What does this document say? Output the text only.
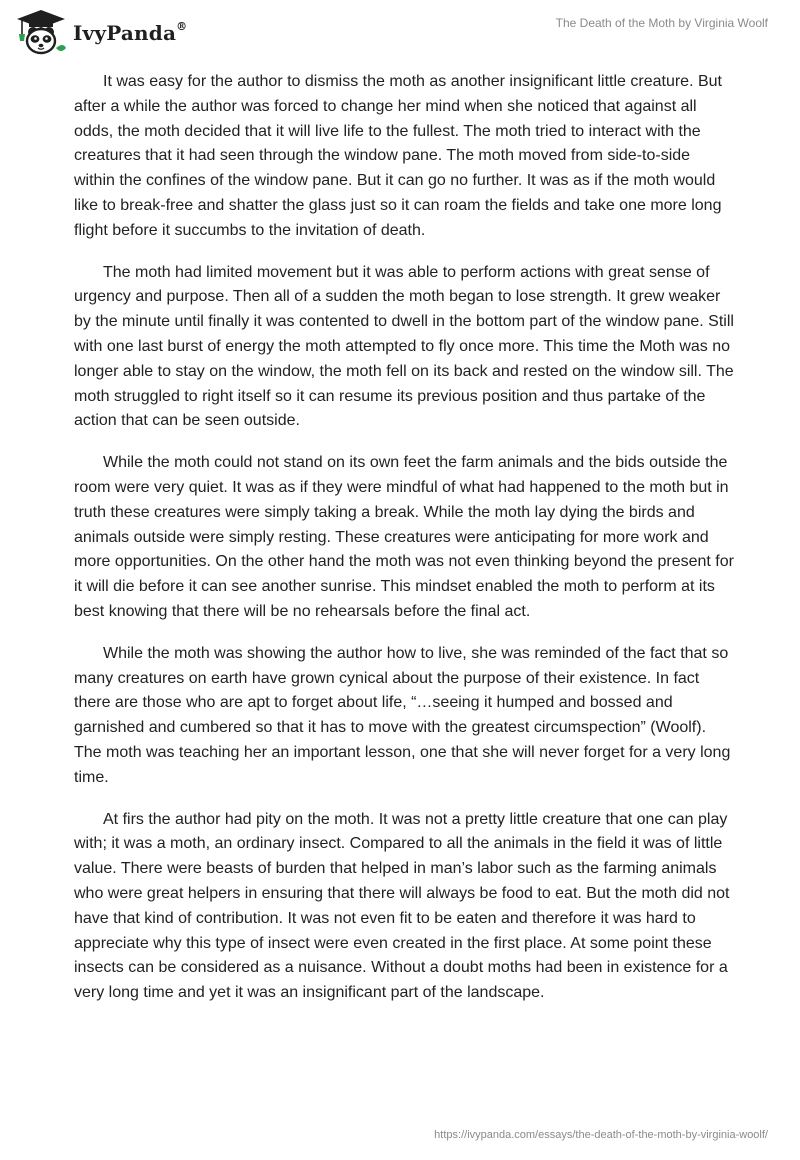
IvyPanda®	The Death of the Moth by Virginia Woolf

It was easy for the author to dismiss the moth as another insignificant little creature. But after a while the author was forced to change her mind when she noticed that against all odds, the moth decided that it will live life to the fullest. The moth tried to interact with the creatures that it had seen through the window pane. The moth moved from side-to-side within the confines of the window pane. But it can go no further. It was as if the moth would like to break-free and shatter the glass just so it can roam the fields and take one more long flight before it succumbs to the invitation of death.

The moth had limited movement but it was able to perform actions with great sense of urgency and purpose. Then all of a sudden the moth began to lose strength. It grew weaker by the minute until finally it was contented to dwell in the bottom part of the window pane. Still with one last burst of energy the moth attempted to fly once more. This time the Moth was no longer able to stay on the window, the moth fell on its back and rested on the window sill. The moth struggled to right itself so it can resume its previous position and thus partake of the action that can be seen outside.

While the moth could not stand on its own feet the farm animals and the bids outside the room were very quiet. It was as if they were mindful of what had happened to the moth but in truth these creatures were simply taking a break. While the moth lay dying the birds and animals outside were simply resting. These creatures were anticipating for more work and more opportunities. On the other hand the moth was not even thinking beyond the present for it will die before it can see another sunrise. This mindset enabled the moth to perform at its best knowing that there will be no rehearsals before the final act.

While the moth was showing the author how to live, she was reminded of the fact that so many creatures on earth have grown cynical about the purpose of their existence. In fact there are those who are apt to forget about life, “…seeing it humped and bossed and garnished and cumbered so that it has to move with the greatest circumspection” (Woolf). The moth was teaching her an important lesson, one that she will never forget for a very long time.

At firs the author had pity on the moth. It was not a pretty little creature that one can play with; it was a moth, an ordinary insect. Compared to all the animals in the field it was of little value. There were beasts of burden that helped in man’s labor such as the farming animals who were great helpers in ensuring that there will always be food to eat. But the moth did not have that kind of contribution. It was not even fit to be eaten and therefore it was hard to appreciate why this type of insect were even created in the first place. At some point these insects can be considered as a nuisance. Without a doubt moths had been in existence for a very long time and yet it was an insignificant part of the landscape.

https://ivypanda.com/essays/the-death-of-the-moth-by-virginia-woolf/
